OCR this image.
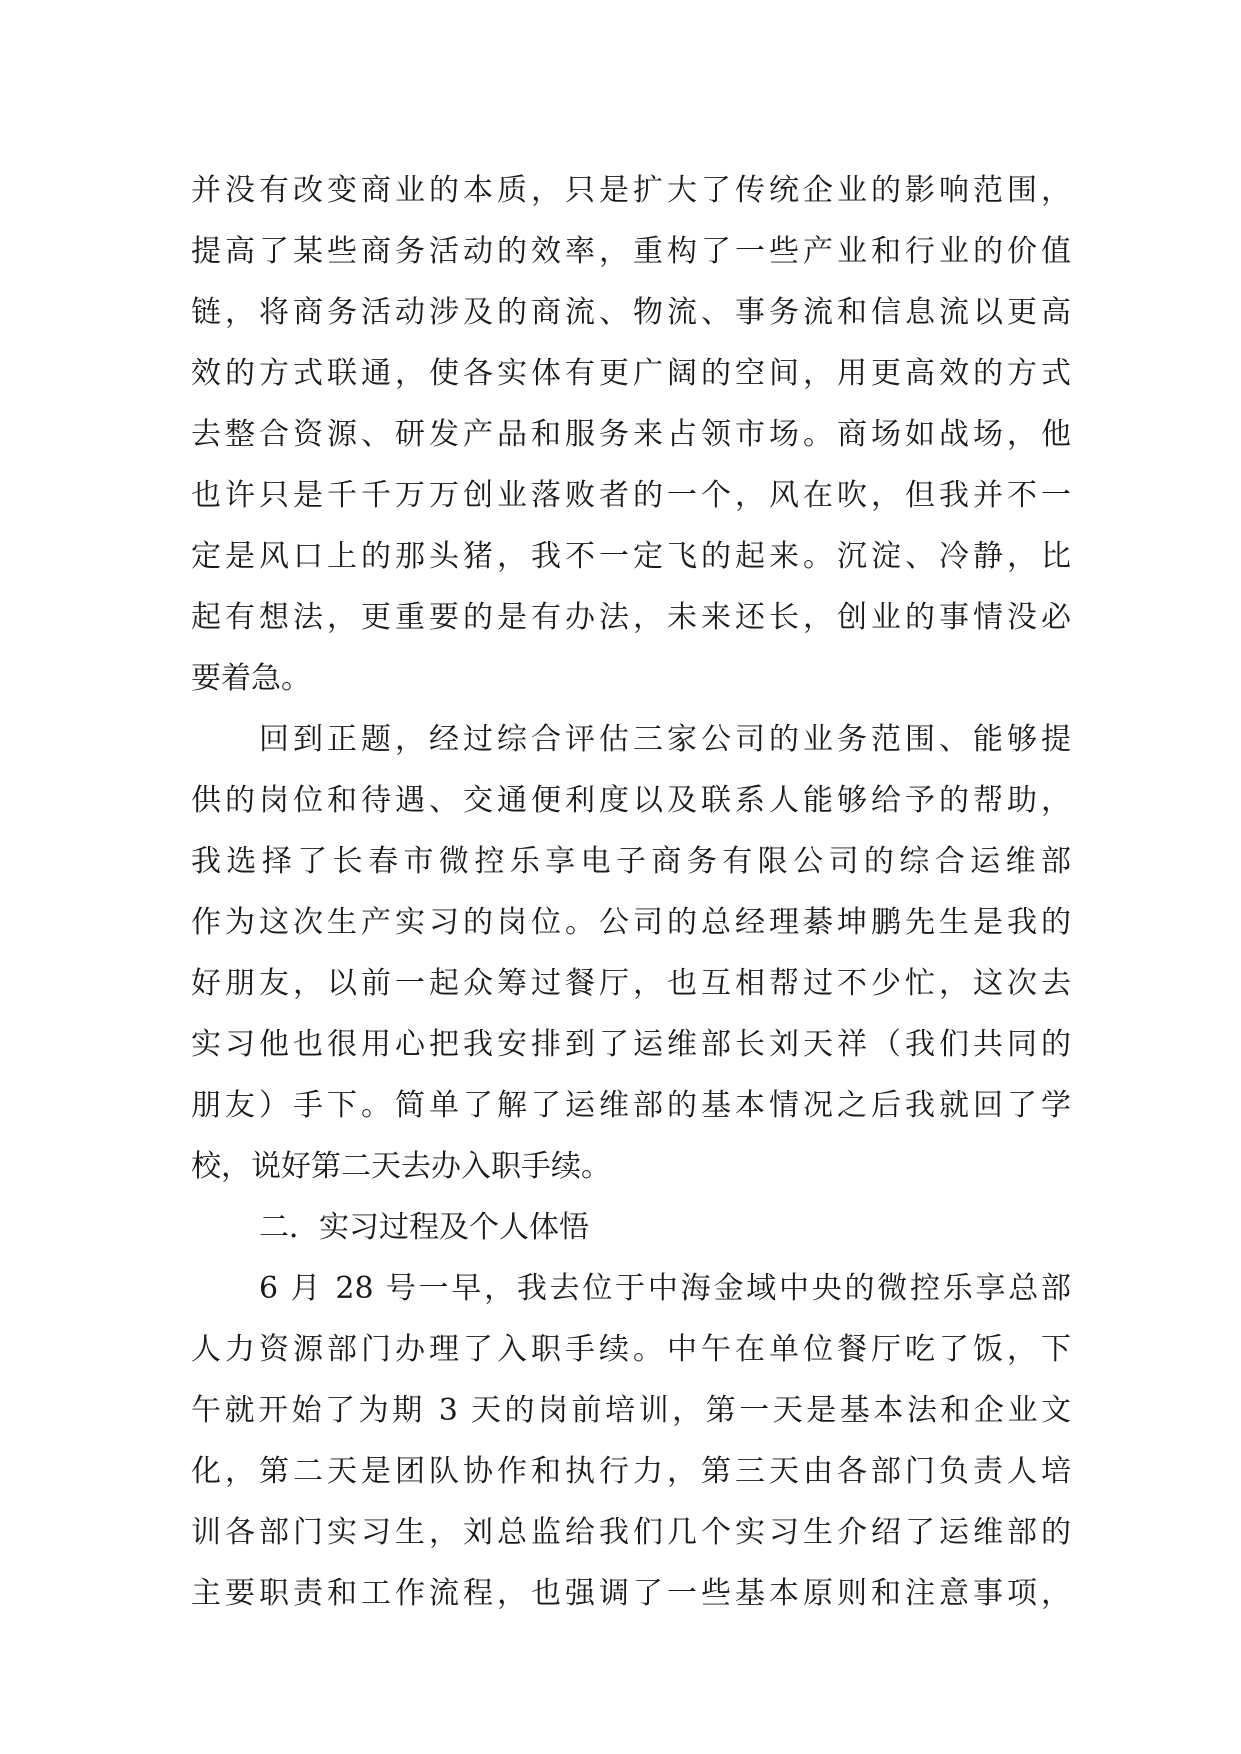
并没有改变商业的本质，只是扩大了传统企业的影响范围，
提高了某些商务活动的效率，重构了一些产业和行业的价值
链，将商务活动涉及的商流、物流、事务流和信息流以更高
效的方式联通，使各实体有更广阔的空间，用更高效的方式
去整合资源、研发产品和服务来占领市场。商场如战场，他
也许只是千千万万创业落败者的一个，风在吹，但我并不一
定是风口上的那头猪，我不一定飞的起来。沉淀、冷静，比
起有想法，更重要的是有办法，未来还长，创业的事情没必
要着急。
回到正题，经过综合评估三家公司的业务范围、能够提
供的岗位和待遇、交通便利度以及联系人能够给予的帮助，
我选择了长春市微控乐享电子商务有限公司的综合运维部
作为这次生产实习的岗位。公司的总经理綦坤鹏先生是我的
好朋友，以前一起众筹过餐厅，也互相帮过不少忙，这次去
实习他也很用心把我安排到了运维部长刘天祥（我们共同的
朋友）手下。简单了解了运维部的基本情况之后我就回了学
校，说好第二天去办入职手续。
二．实习过程及个人体悟
6 月 28 号一早，我去位于中海金域中央的微控乐享总部
人力资源部门办理了入职手续。中午在单位餐厅吃了饭，下
午就开始了为期 3 天的岗前培训，第一天是基本法和企业文
化，第二天是团队协作和执行力，第三天由各部门负责人培
训各部门实习生，刘总监给我们几个实习生介绍了运维部的
主要职责和工作流程，也强调了一些基本原则和注意事项，
